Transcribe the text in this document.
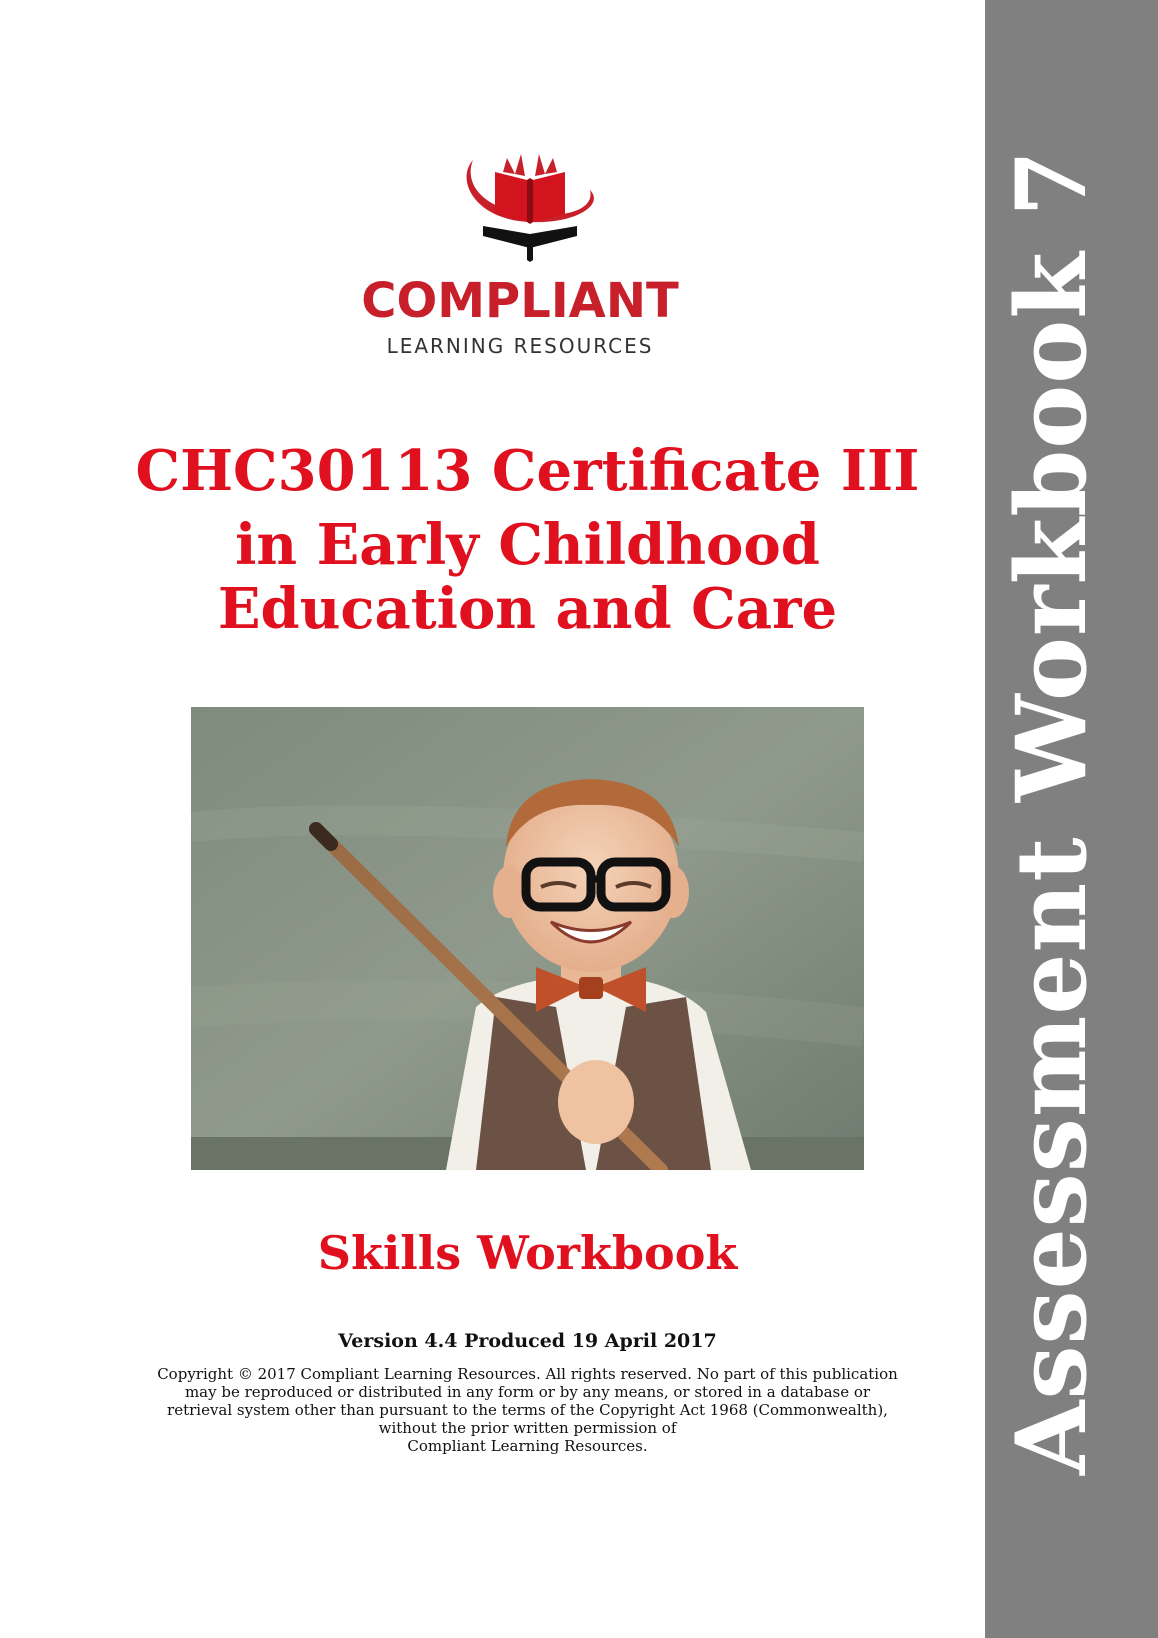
Assessment Workbook 7
COMPLIANT
LEARNING RESOURCES
CHC30113 Certificate III
in Early Childhood
Education and Care
Skills Workbook
Version 4.4 Produced 19 April 2017
Copyright © 2017 Compliant Learning Resources. All rights reserved. No part of this publication
may be reproduced or distributed in any form or by any means, or stored in a database or
retrieval system other than pursuant to the terms of the Copyright Act 1968 (Commonwealth),
without the prior written permission of
Compliant Learning Resources.
